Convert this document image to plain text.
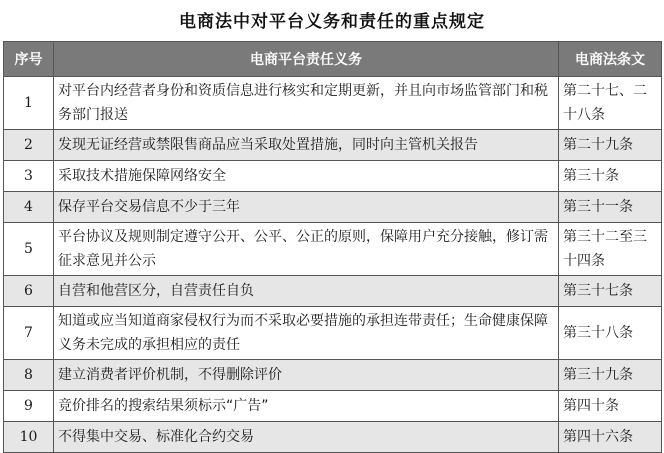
电商法中对平台义务和责任的重点规定
序号	电商平台责任义务	电商法条文
1	对平台内经营者身份和资质信息进行核实和定期更新，并且向市场监管部门和税务部门报送	第二十七、二十八条
2	发现无证经营或禁限售商品应当采取处置措施，同时向主管机关报告	第二十九条
3	采取技术措施保障网络安全	第三十条
4	保存平台交易信息不少于三年	第三十一条
5	平台协议及规则制定遵守公开、公平、公正的原则，保障用户充分接触，修订需征求意见并公示	第三十二至三十四条
6	自营和他营区分，自营责任自负	第三十七条
7	知道或应当知道商家侵权行为而不采取必要措施的承担连带责任；生命健康保障义务未完成的承担相应的责任	第三十八条
8	建立消费者评价机制，不得删除评价	第三十九条
9	竞价排名的搜索结果须标示“广告”	第四十条
10	不得集中交易、标准化合约交易	第四十六条
